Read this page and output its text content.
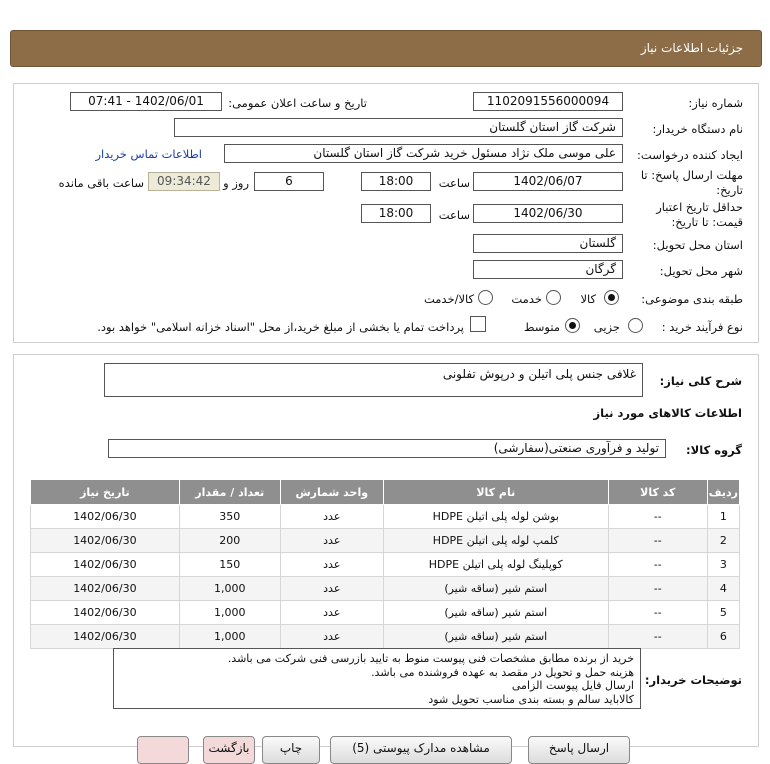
جزئیات اطلاعات نیاز
شماره نیاز:
1102091556000094
تاریخ و ساعت اعلان عمومی:
1402/06/01 - 07:41
نام دستگاه خریدار:
شرکت گاز استان گلستان
ایجاد کننده درخواست:
علی موسی ملک نژاد مسئول خرید شرکت گاز استان گلستان
اطلاعات تماس خریدار
مهلت ارسال پاسخ: تا
تاریخ:
1402/06/07
ساعت
18:00
6
روز و
09:34:42
ساعت باقی مانده
حداقل تاریخ اعتبار
قیمت: تا تاریخ:
1402/06/30
ساعت
18:00
استان محل تحویل:
گلستان
شهر محل تحویل:
گرگان
طبقه بندی موضوعی:
کالا
خدمت
کالا/خدمت
نوع فرآیند خرید :
جزیی
متوسط
پرداخت تمام یا بخشی از مبلغ خرید،از محل "اسناد خزانه اسلامی" خواهد بود.
شرح کلی نیاز:
غلافی جنس پلی اتیلن و درپوش تفلونی
اطلاعات کالاهای مورد نیاز
گروه کالا:
تولید و فرآوری صنعتی(سفارشی)
ردیف	کد کالا	نام کالا	واحد شمارش	تعداد / مقدار	تاریخ نیاز
1	--	بوشن لوله پلی اتیلن HDPE	عدد	350	1402/06/30
2	--	کلمپ لوله پلی اتیلن HDPE	عدد	200	1402/06/30
3	--	کوپلینگ لوله پلی اتیلن HDPE	عدد	150	1402/06/30
4	--	استم شیر (ساقه شیر)	عدد	1,000	1402/06/30
5	--	استم شیر (ساقه شیر)	عدد	1,000	1402/06/30
6	--	استم شیر (ساقه شیر)	عدد	1,000	1402/06/30
توضیحات خریدار:
خرید از برنده مطابق مشخصات فنی پیوست منوط به تایید بازرسی فنی شرکت می باشد.
هزینه حمل و تحویل در مقصد به عهده فروشنده می باشد.
ارسال فایل پیوست الزامی
کالاباید سالم و بسته بندی مناسب تحویل شود
ارسال پاسخ
مشاهده مدارک پیوستی (5)
چاپ
بازگشت
